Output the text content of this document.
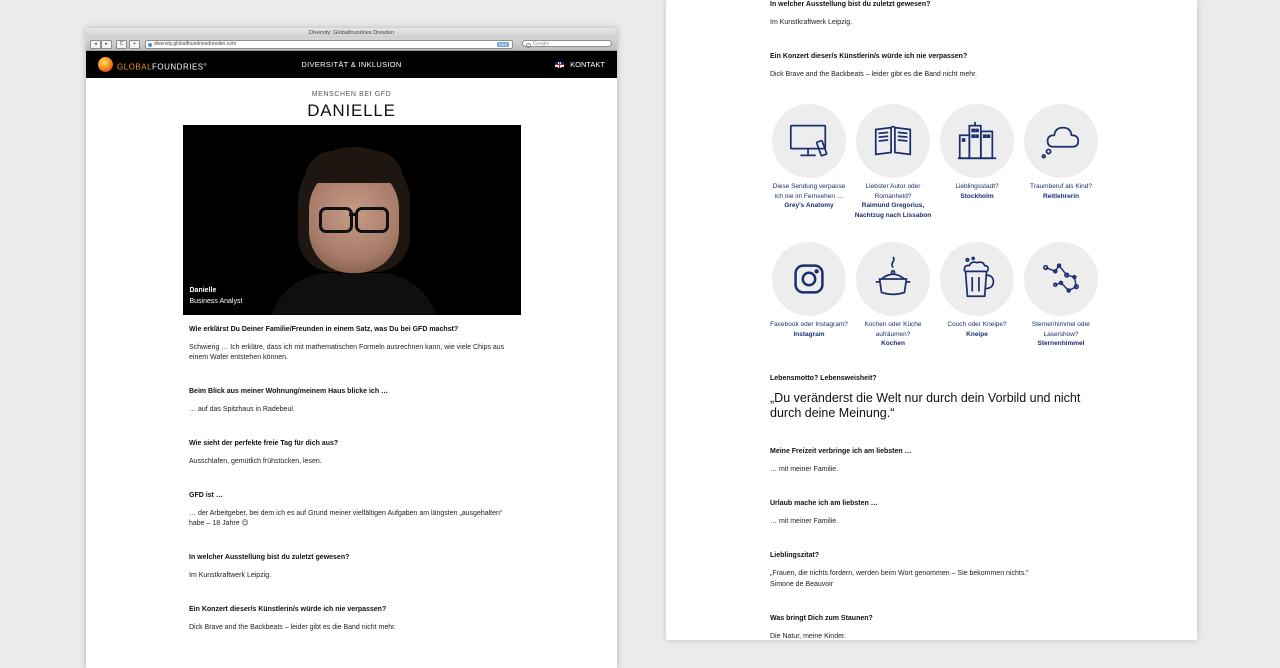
Diversity: Globalfoundries Dresden
◂	▸	C	+	diversity.globalfoundriesdresden.com	RSS	Google
GLOBALFOUNDRIES®	DIVERSITÄT & INKLUSION	KONTAKT
MENSCHEN BEI GFD
DANIELLE
Danielle
Business Analyst
Wie erklärst Du Deiner Familie/Freunden in einem Satz, was Du bei GFD machst?
Schwierig … Ich erkläre, dass ich mit mathematischen Formeln ausrechnen kann, wie viele Chips aus einem Wafer entstehen können.
Beim Blick aus meiner Wohnung/meinem Haus blicke ich …
… auf das Spitzhaus in Radebeul.
Wie sieht der perfekte freie Tag für dich aus?
Ausschlafen, gemütlich frühstücken, lesen.
GFD ist …
… der Arbeitgeber, bei dem ich es auf Grund meiner vielfältigen Aufgaben am längsten „ausgehalten“ habe – 18 Jahre 😉
In welcher Ausstellung bist du zuletzt gewesen?
Im Kunstkraftwerk Leipzig.
Ein Konzert dieser/s Künstlerin/s würde ich nie verpassen?
Dick Brave and the Backbeats – leider gibt es die Band nicht mehr.
In welcher Ausstellung bist du zuletzt gewesen?
Im Kunstkraftwerk Leipzig.
Ein Konzert dieser/s Künstlerin/s würde ich nie verpassen?
Dick Brave and the Backbeats – leider gibt es die Band nicht mehr.
Diese Sendung verpasse ich nie im Fernsehen …
Grey's Anatomy
Liebster Autor oder Romanheld?
Raimund Gregorius, Nachtzug nach Lissabon
Lieblingsstadt?
Stockholm
Traumberuf als Kind?
Reitlehrerin
Facebook oder Instagram?
Instagram
Kochen oder Küche aufräumen?
Kochen
Couch oder Kneipe?
Kneipe
Sternenhimmel oder Lasershow?
Sternenhimmel
Lebensmotto? Lebensweisheit?
„Du veränderst die Welt nur durch dein Vorbild und nicht durch deine Meinung.“
Meine Freizeit verbringe ich am liebsten …
… mit meiner Familie.
Urlaub mache ich am liebsten …
… mit meiner Familie.
Lieblingszitat?
„Frauen, die nichts fordern, werden beim Wort genommen – Sie bekommen nichts.“
Simone de Beauvoir
Was bringt Dich zum Staunen?
Die Natur, meine Kinder.
